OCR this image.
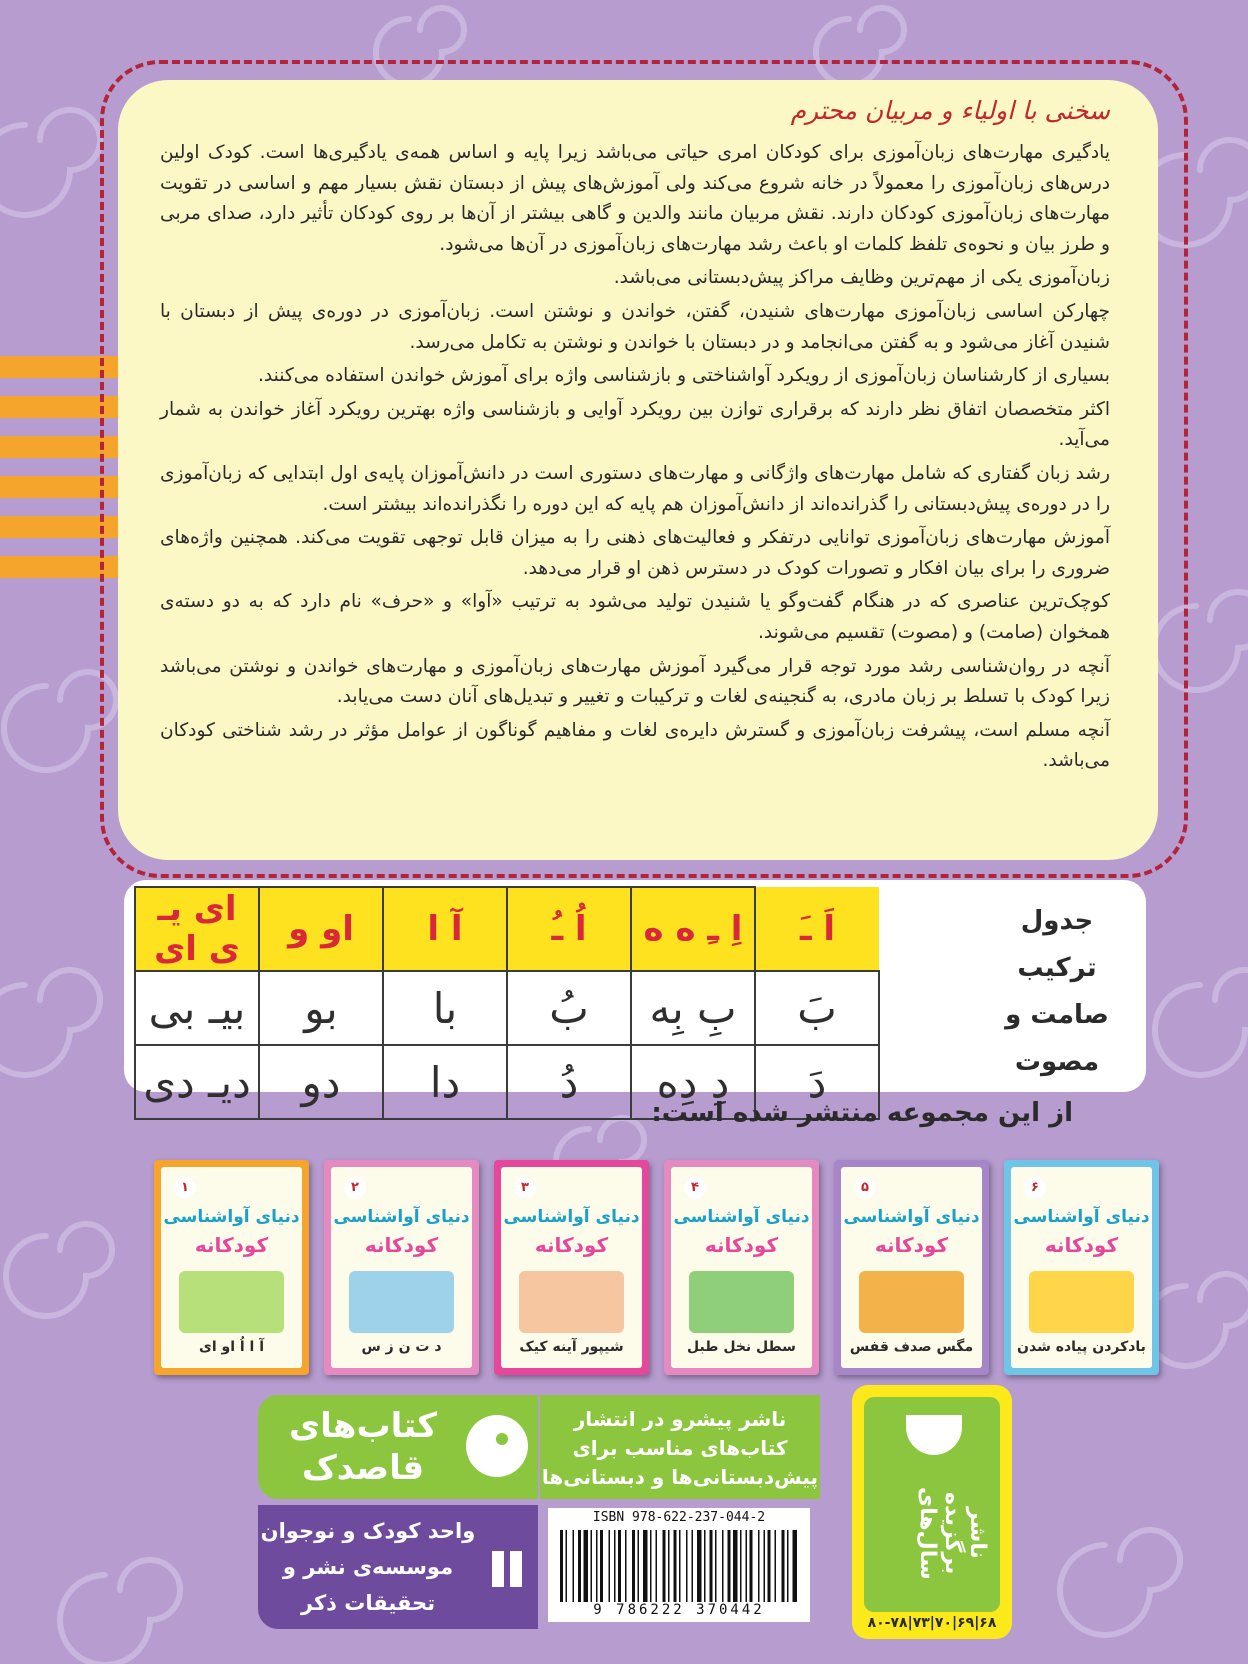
سخنی با اولیاء و مربیان محترم

یادگیری مهارت‌های زبان‌آموزی برای کودکان امری حیاتی می‌باشد زیرا پایه و اساس همه‌ی یادگیری‌ها است. کودک اولین درس‌های زبان‌آموزی را معمولاً در خانه شروع می‌کند ولی آموزش‌های پیش از دبستان نقش بسیار مهم و اساسی در تقویت مهارت‌های زبان‌آموزی کودکان دارند. نقش مربیان مانند والدین و گاهی بیشتر از آن‌ها بر روی کودکان تأثیر دارد، صدای مربی و طرز بیان و نحوه‌ی تلفظ کلمات او باعث رشد مهارت‌های زبان‌آموزی در آن‌ها می‌شود.

زبان‌آموزی یکی از مهم‌ترین وظایف مراکز پیش‌دبستانی می‌باشد.

چهارکن اساسی زبان‌آموزی مهارت‌های شنیدن، گفتن، خواندن و نوشتن است. زبان‌آموزی در دوره‌ی پیش از دبستان با شنیدن آغاز می‌شود و به گفتن می‌انجامد و در دبستان با خواندن و نوشتن به تکامل می‌رسد.

بسیاری از کارشناسان زبان‌آموزی از رویکرد آواشناختی و بازشناسی واژه برای آموزش خواندن استفاده می‌کنند.

اکثر متخصصان اتفاق نظر دارند که برقراری توازن بین رویکرد آوایی و بازشناسی واژه بهترین رویکرد آغاز خواندن به شمار می‌آید.

رشد زبان گفتاری که شامل مهارت‌های واژگانی و مهارت‌های دستوری است در دانش‌آموزان پایه‌ی اول ابتدایی که زبان‌آموزی را در دوره‌ی پیش‌دبستانی را گذرانده‌اند از دانش‌آموزان هم پایه که این دوره را نگذرانده‌اند بیشتر است.

آموزش مهارت‌های زبان‌آموزی توانایی درتفکر و فعالیت‌های ذهنی را به میزان قابل توجهی تقویت می‌کند. همچنین واژه‌های ضروری را برای بیان افکار و تصورات کودک در دسترس ذهن او قرار می‌دهد.

کوچک‌ترین عناصری که در هنگام گفت‌وگو یا شنیدن تولید می‌شود به ترتیب «آوا» و «حرف» نام دارد که به دو دسته‌ی همخوان (صامت) و (مصوت) تقسیم می‌شوند.

آنچه در روان‌شناسی رشد مورد توجه قرار می‌گیرد آموزش مهارت‌های زبان‌آموزی و مهارت‌های خواندن و نوشتن می‌باشد زیرا کودک با تسلط بر زبان مادری، به گنجینه‌ی لغات و ترکیبات و تغییر و تبدیل‌های آنان دست می‌یابد.

آنچه مسلم است، پیشرفت زبان‌آموزی و گسترش دایره‌ی لغات و مفاهیم گوناگون از عوامل مؤثر در رشد شناختی کودکان می‌باشد.

اَ ـَ	اِ ـِ ه ه	اُ ـُ	آ ا	او و	ای یـ ی ای
بَ	بِ بِه	بُ	با	بو	بیـ بی
دَ	دِ دِه	دُ	دا	دو	دیـ دی
جدول
ترکیب
صامت و
مصوت
از این مجموعه منتشر شده است:
۶
دنیای آواشناسی
کودکانه
بادکردن پیاده شدن
۵
دنیای آواشناسی
کودکانه
مگس صدف قفس
۴
دنیای آواشناسی
کودکانه
سطل نخل طبل
۳
دنیای آواشناسی
کودکانه
شیپور آینه کیک
۲
دنیای آواشناسی
کودکانه
د ت ن ز س
۱
دنیای آواشناسی
کودکانه
آ ا اُ او ای
کتاب‌های
قاصدک
واحد کودک و نوجوان
موسسه‌ی نشر و
تحقیقات ذکر
ناشر پیشرو در انتشار
کتاب‌های مناسب برای
پیش‌دبستانی‌ها و دبستانی‌ها
ISBN 978-622-237-044-2
9 786222 370442
ناشر برگزیده سال‌های
۸۰-۷۸|۷۳|۷۰|۶۹|۶۸
